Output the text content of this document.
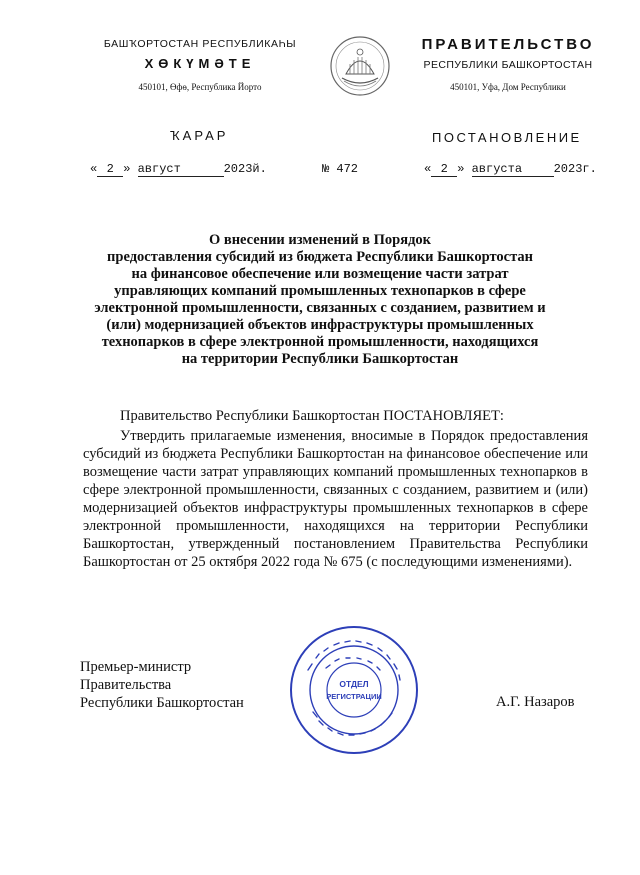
БАШҠОРТОСТАН РЕСПУБЛИКАҺЫ
ХӨКҮМӘТЕ
450101, Өфө, Республика Йорто
ПРАВИТЕЛЬСТВО
РЕСПУБЛИКИ БАШКОРТОСТАН
450101, Уфа, Дом Республики
ҠАРАР	ПОСТАНОВЛЕНИЕ
« 2 » август	2023й.	№ 472	« 2 » августа	2023г.
О внесении изменений в Порядок
предоставления субсидий из бюджета Республики Башкортостан
на финансовое обеспечение или возмещение части затрат
управляющих компаний промышленных технопарков в сфере
электронной промышленности, связанных с созданием, развитием и
(или) модернизацией объектов инфраструктуры промышленных
технопарков в сфере электронной промышленности, находящихся
на территории Республики Башкортостан
Правительство Республики Башкортостан ПОСТАНОВЛЯЕТ:
Утвердить прилагаемые изменения, вносимые в Порядок предоставления субсидий из бюджета Республики Башкортостан на финансовое обеспечение или возмещение части затрат управляющих компаний промышленных технопарков в сфере электронной промышленности, связанных с созданием, развитием и (или) модернизацией объектов инфраструктуры промышленных технопарков в сфере электронной промышленности, находящихся на территории Республики Башкортостан, утвержденный постановлением Правительства Республики Башкортостан от 25 октября 2022 года № 675 (с последующими изменениями).
Премьер-министр
Правительства
Республики Башкортостан	А.Г. Назаров
ОТДЕЛ
РЕГИСТРАЦИИ
